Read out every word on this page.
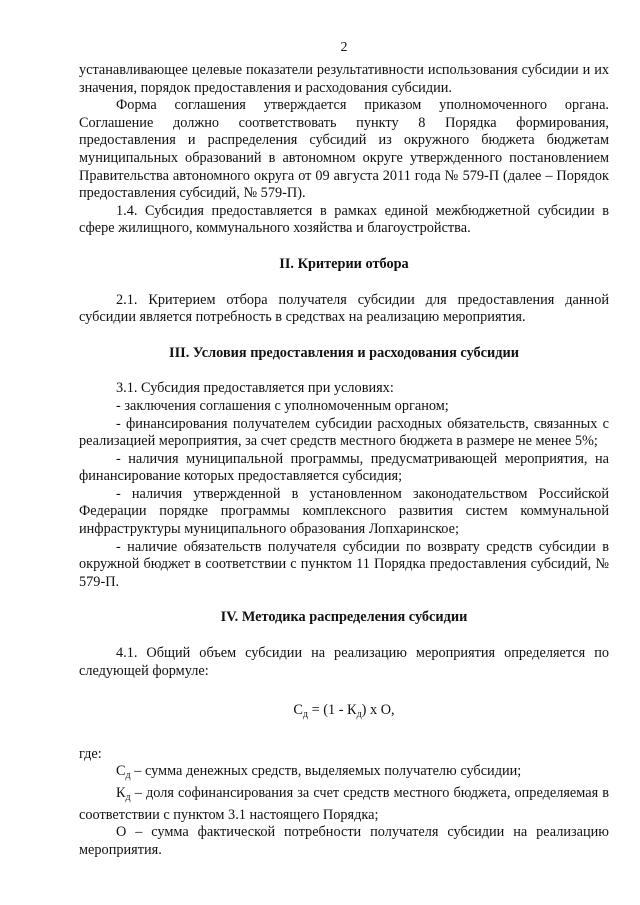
2

устанавливающее целевые показатели результативности использования субсидии и их значения, порядок предоставления и расходования субсидии.

Форма соглашения утверждается приказом уполномоченного органа. Соглашение должно соответствовать пункту 8 Порядка формирования, предоставления и распределения субсидий из окружного бюджета бюджетам муниципальных образований в автономном округе утвержденного постановлением Правительства автономного округа от 09 августа 2011 года № 579-П (далее – Порядок предоставления субсидий, № 579-П).

1.4. Субсидия предоставляется в рамках единой межбюджетной субсидии в сфере жилищного, коммунального хозяйства и благоустройства.

II. Критерии отбора

2.1. Критерием отбора получателя субсидии для предоставления данной субсидии является потребность в средствах на реализацию мероприятия.

III. Условия предоставления и расходования субсидии

3.1. Субсидия предоставляется при условиях:

- заключения соглашения с уполномоченным органом;

- финансирования получателем субсидии расходных обязательств, связанных с реализацией мероприятия, за счет средств местного бюджета в размере не менее 5%;

- наличия муниципальной программы, предусматривающей мероприятия, на финансирование которых предоставляется субсидия;

- наличия утвержденной в установленном законодательством Российской Федерации порядке программы комплексного развития систем коммунальной инфраструктуры муниципального образования Лопхаринское;

- наличие обязательств получателя субсидии по возврату средств субсидии в окружной бюджет в соответствии с пунктом 11 Порядка предоставления субсидий, № 579-П.

IV. Методика распределения субсидии

4.1. Общий объем субсидии на реализацию мероприятия определяется по следующей формуле:

$С_д = (1 - К_д)$ х О,

где:

$С_д$ – сумма денежных средств, выделяемых получателю субсидии;

$К_д$ – доля софинансирования за счет средств местного бюджета, определяемая в соответствии с пунктом 3.1 настоящего Порядка;

О – сумма фактической потребности получателя субсидии на реализацию мероприятия.
